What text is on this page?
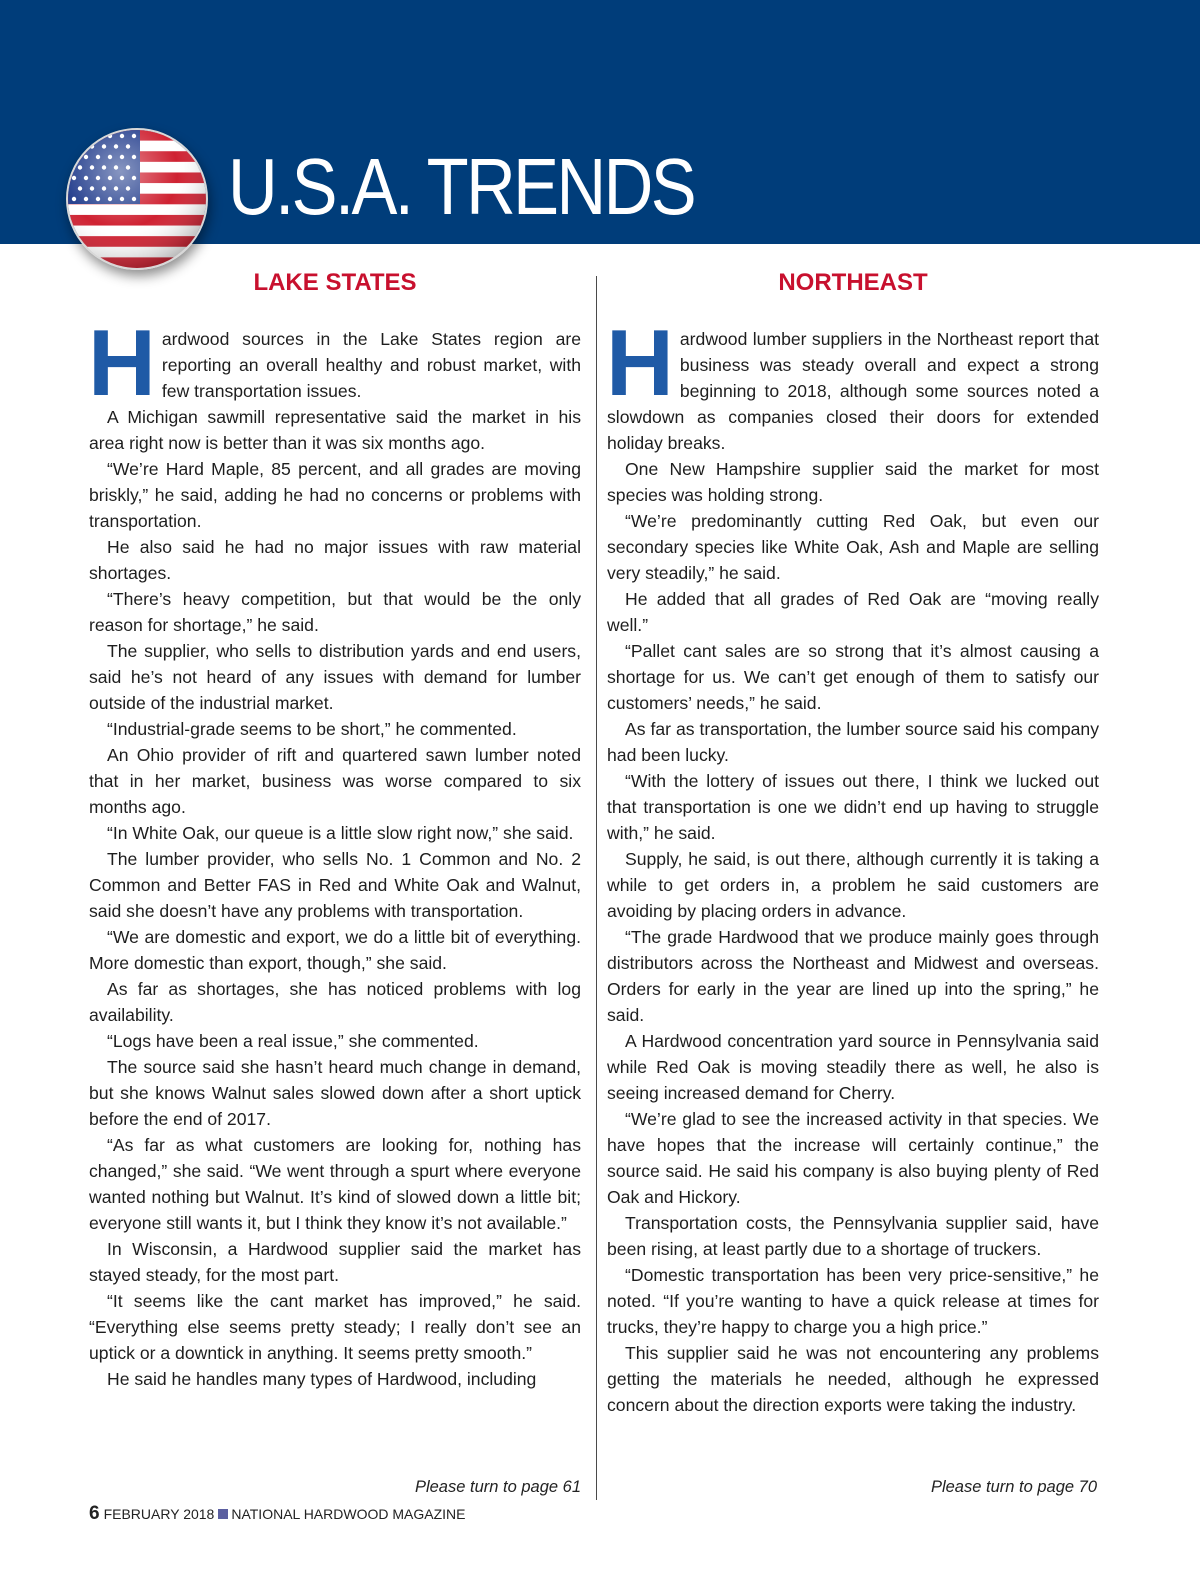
U.S.A. TRENDS
LAKE STATES

Hardwood sources in the Lake States region are reporting an overall healthy and robust market, with few transportation issues.

A Michigan sawmill representative said the market in his area right now is better than it was six months ago.

“We’re Hard Maple, 85 percent, and all grades are moving briskly,” he said, adding he had no concerns or problems with transportation.

He also said he had no major issues with raw material shortages.

“There’s heavy competition, but that would be the only reason for shortage,” he said.

The supplier, who sells to distribution yards and end users, said he’s not heard of any issues with demand for lumber outside of the industrial market.

“Industrial-grade seems to be short,” he commented.

An Ohio provider of rift and quartered sawn lumber noted that in her market, business was worse compared to six months ago.

“In White Oak, our queue is a little slow right now,” she said.

The lumber provider, who sells No. 1 Common and No. 2 Common and Better FAS in Red and White Oak and Walnut, said she doesn’t have any problems with transportation.

“We are domestic and export, we do a little bit of everything. More domestic than export, though,” she said.

As far as shortages, she has noticed problems with log availability.

“Logs have been a real issue,” she commented.

The source said she hasn’t heard much change in demand, but she knows Walnut sales slowed down after a short uptick before the end of 2017.

“As far as what customers are looking for, nothing has changed,” she said. “We went through a spurt where everyone wanted nothing but Walnut. It’s kind of slowed down a little bit; everyone still wants it, but I think they know it’s not available.”

In Wisconsin, a Hardwood supplier said the market has stayed steady, for the most part.

“It seems like the cant market has improved,” he said. “Everything else seems pretty steady; I really don’t see an uptick or a downtick in anything. It seems pretty smooth.”

He said he handles many types of Hardwood, including

NORTHEAST

Hardwood lumber suppliers in the Northeast report that business was steady overall and expect a strong beginning to 2018, although some sources noted a slowdown as companies closed their doors for extended holiday breaks.

One New Hampshire supplier said the market for most species was holding strong.

“We’re predominantly cutting Red Oak, but even our secondary species like White Oak, Ash and Maple are selling very steadily,” he said.

He added that all grades of Red Oak are “moving really well.”

“Pallet cant sales are so strong that it’s almost causing a shortage for us. We can’t get enough of them to satisfy our customers’ needs,” he said.

As far as transportation, the lumber source said his company had been lucky.

“With the lottery of issues out there, I think we lucked out that transportation is one we didn’t end up having to struggle with,” he said.

Supply, he said, is out there, although currently it is taking a while to get orders in, a problem he said customers are avoiding by placing orders in advance.

“The grade Hardwood that we produce mainly goes through distributors across the Northeast and Midwest and overseas. Orders for early in the year are lined up into the spring,” he said.

A Hardwood concentration yard source in Pennsylvania said while Red Oak is moving steadily there as well, he also is seeing increased demand for Cherry.

“We’re glad to see the increased activity in that species. We have hopes that the increase will certainly continue,” the source said. He said his company is also buying plenty of Red Oak and Hickory.

Transportation costs, the Pennsylvania supplier said, have been rising, at least partly due to a shortage of truckers.

“Domestic transportation has been very price-sensitive,” he noted. “If you’re wanting to have a quick release at times for trucks, they’re happy to charge you a high price.”

This supplier said he was not encountering any problems getting the materials he needed, although he expressed concern about the direction exports were taking the industry.

Please turn to page 61	Please turn to page 70

6 FEBRUARY 2018 NATIONAL HARDWOOD MAGAZINE
